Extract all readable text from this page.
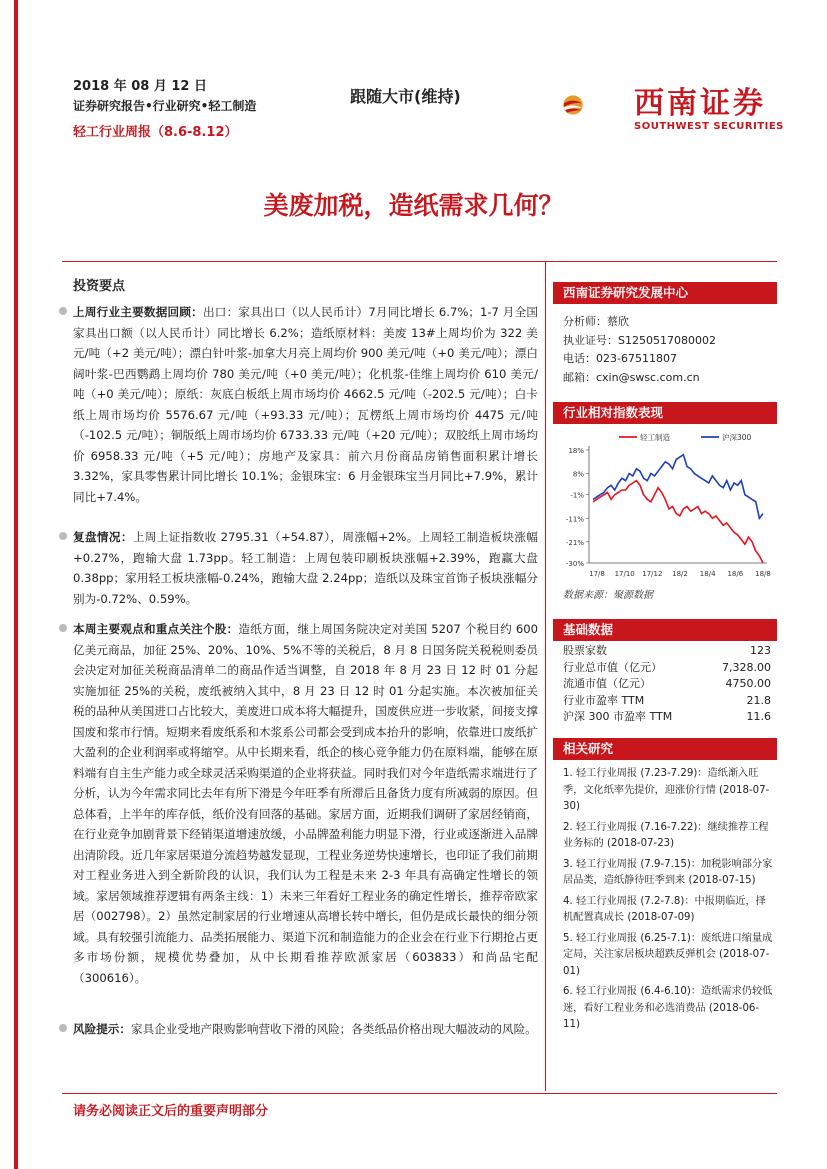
2018 年 08 月 12 日
证券研究报告•行业研究•轻工制造
轻工行业周报（8.6-8.12）
跟随大市(维持)	西南证券
SOUTHWEST SECURITIES
美废加税，造纸需求几何？
投资要点
上周行业主要数据回顾：出口：家具出口（以人民币计）7月同比增长 6.7%；1-7 月全国家具出口额（以人民币计）同比增长 6.2%；造纸原材料：美废 13#上周均价为 322 美元/吨（+2 美元/吨）；漂白针叶浆-加拿大月亮上周均价 900 美元/吨（+0 美元/吨）；漂白阔叶浆-巴西鹦鹉上周均价 780 美元/吨（+0 美元/吨）；化机浆-佳维上周均价 610 美元/吨（+0 美元/吨）；原纸：灰底白板纸上周市场均价 4662.5 元/吨（-202.5 元/吨）；白卡纸上周市场均价 5576.67 元/吨（+93.33 元/吨）；瓦楞纸上周市场均价 4475 元/吨（-102.5 元/吨）；铜版纸上周市场均价 6733.33 元/吨（+20 元/吨）；双胶纸上周市场均价 6958.33 元/吨（+5 元/吨）；房地产及家具：前六月份商品房销售面积累计增长 3.32%，家具零售累计同比增长 10.1%；金银珠宝：6 月金银珠宝当月同比+7.9%，累计同比+7.4%。
复盘情况：上周上证指数收 2795.31（+54.87），周涨幅+2%。上周轻工制造板块涨幅+0.27%，跑输大盘 1.73pp。轻工制造：上周包装印刷板块涨幅+2.39%，跑赢大盘 0.38pp；家用轻工板块涨幅-0.24%，跑输大盘 2.24pp；造纸以及珠宝首饰子板块涨幅分别为-0.72%、0.59%。
本周主要观点和重点关注个股：造纸方面，继上周国务院决定对美国 5207 个税目约 600 亿美元商品，加征 25%、20%、10%、5%不等的关税后，8 月 8 日国务院关税税则委员会决定对加征关税商品清单二的商品作适当调整，自 2018 年 8 月 23 日 12 时 01 分起实施加征 25%的关税，废纸被纳入其中，8 月 23 日 12 时 01 分起实施。本次被加征关税的品种从美国进口占比较大，美废进口成本将大幅提升，国废供应进一步收紧，间接支撑国废和浆市行情。短期来看废纸系和木浆系公司都会受到成本抬升的影响，依靠进口废纸扩大盈利的企业利润率或将缩窄。从中长期来看，纸企的核心竞争能力仍在原料端，能够在原料端有自主生产能力或全球灵活采购渠道的企业将获益。同时我们对今年造纸需求端进行了分析，认为今年需求同比去年有所下滑是今年旺季有所滞后且备货力度有所减弱的原因。但总体看，上半年的库存低，纸价没有回落的基础。家居方面，近期我们调研了家居经销商，在行业竞争加剧背景下经销渠道增速放缓，小品牌盈利能力明显下滑，行业或逐渐进入品牌出清阶段。近几年家居渠道分流趋势越发显现，工程业务逆势快速增长，也印证了我们前期对工程业务进入到全新阶段的认识，我们认为工程是未来 2-3 年具有高确定性增长的领域。家居领域推荐逻辑有两条主线：1）未来三年看好工程业务的确定性增长，推荐帝欧家居（002798）。2）虽然定制家居的行业增速从高增长转中增长，但仍是成长最快的细分领域。具有较强引流能力、品类拓展能力、渠道下沉和制造能力的企业会在行业下行期抢占更多市场份额，规模优势叠加，从中长期看推荐欧派家居（603833）和尚品宅配（300616）。
风险提示：家具企业受地产限购影响营收下滑的风险；各类纸品价格出现大幅波动的风险。
西南证券研究发展中心
分析师：蔡欣
执业证号：S1250517080002
电话：023-67511807
邮箱：cxin@swsc.com.cn
行业相对指数表现
轻工制造	沪深300
18%
8%
-1%
-11%
-21%
-30%
17/8 17/10 17/12 18/2 18/4 18/6 18/8
数据来源：聚源数据
基础数据
股票家数	123
行业总市值（亿元）	7,328.00
流通市值（亿元）	4750.00
行业市盈率 TTM	21.8
沪深 300 市盈率 TTM	11.6
相关研究
1. 轻工行业周报 (7.23-7.29)：造纸渐入旺季，文化纸率先提价，迎涨价行情 (2018-07-30)
2. 轻工行业周报 (7.16-7.22)：继续推荐工程业务标的 (2018-07-23)
3. 轻工行业周报 (7.9-7.15)：加税影响部分家居品类，造纸静待旺季到来 (2018-07-15)
4. 轻工行业周报 (7.2-7.8)：中报期临近，择机配置真成长 (2018-07-09)
5. 轻工行业周报 (6.25-7.1)：废纸进口缩量成定局，关注家居板块超跌反弹机会 (2018-07-01)
6. 轻工行业周报 (6.4-6.10)：造纸需求仍较低迷，看好工程业务和必选消费品 (2018-06-11)
请务必阅读正文后的重要声明部分
